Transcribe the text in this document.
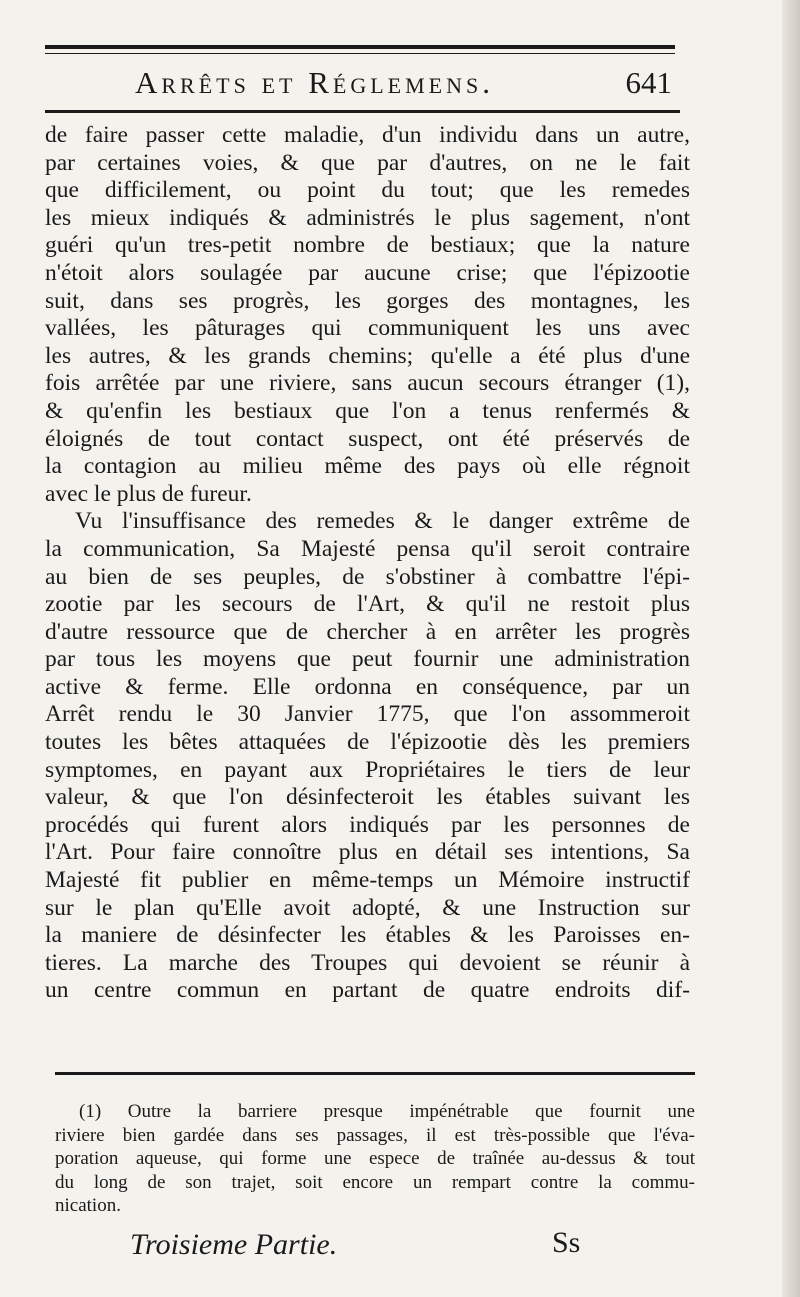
Arrêts et Réglemens.	641
de faire passer cette maladie, d'un individu dans un autre,
par certaines voies, & que par d'autres, on ne le fait
que difficilement, ou point du tout; que les remedes
les mieux indiqués & administrés le plus sagement, n'ont
guéri qu'un tres-petit nombre de bestiaux; que la nature
n'étoit alors soulagée par aucune crise; que l'épizootie
suit, dans ses progrès, les gorges des montagnes, les
vallées, les pâturages qui communiquent les uns avec
les autres, & les grands chemins; qu'elle a été plus d'une
fois arrêtée par une riviere, sans aucun secours étranger (1),
& qu'enfin les bestiaux que l'on a tenus renfermés &
éloignés de tout contact suspect, ont été préservés de
la contagion au milieu même des pays où elle régnoit
avec le plus de fureur.
Vu l'insuffisance des remedes & le danger extrême de
la communication, Sa Majesté pensa qu'il seroit contraire
au bien de ses peuples, de s'obstiner à combattre l'épi-
zootie par les secours de l'Art, & qu'il ne restoit plus
d'autre ressource que de chercher à en arrêter les progrès
par tous les moyens que peut fournir une administration
active & ferme. Elle ordonna en conséquence, par un
Arrêt rendu le 30 Janvier 1775, que l'on assommeroit
toutes les bêtes attaquées de l'épizootie dès les premiers
symptomes, en payant aux Propriétaires le tiers de leur
valeur, & que l'on désinfecteroit les étables suivant les
procédés qui furent alors indiqués par les personnes de
l'Art. Pour faire connoître plus en détail ses intentions, Sa
Majesté fit publier en même-temps un Mémoire instructif
sur le plan qu'Elle avoit adopté, & une Instruction sur
la maniere de désinfecter les étables & les Paroisses en-
tieres. La marche des Troupes qui devoient se réunir à
un centre commun en partant de quatre endroits dif-
(1) Outre la barriere presque impénétrable que fournit une
riviere bien gardée dans ses passages, il est très-possible que l'éva-
poration aqueuse, qui forme une espece de traînée au-dessus & tout
du long de son trajet, soit encore un rempart contre la commu-
nication.
Troisieme Partie.	Ss
